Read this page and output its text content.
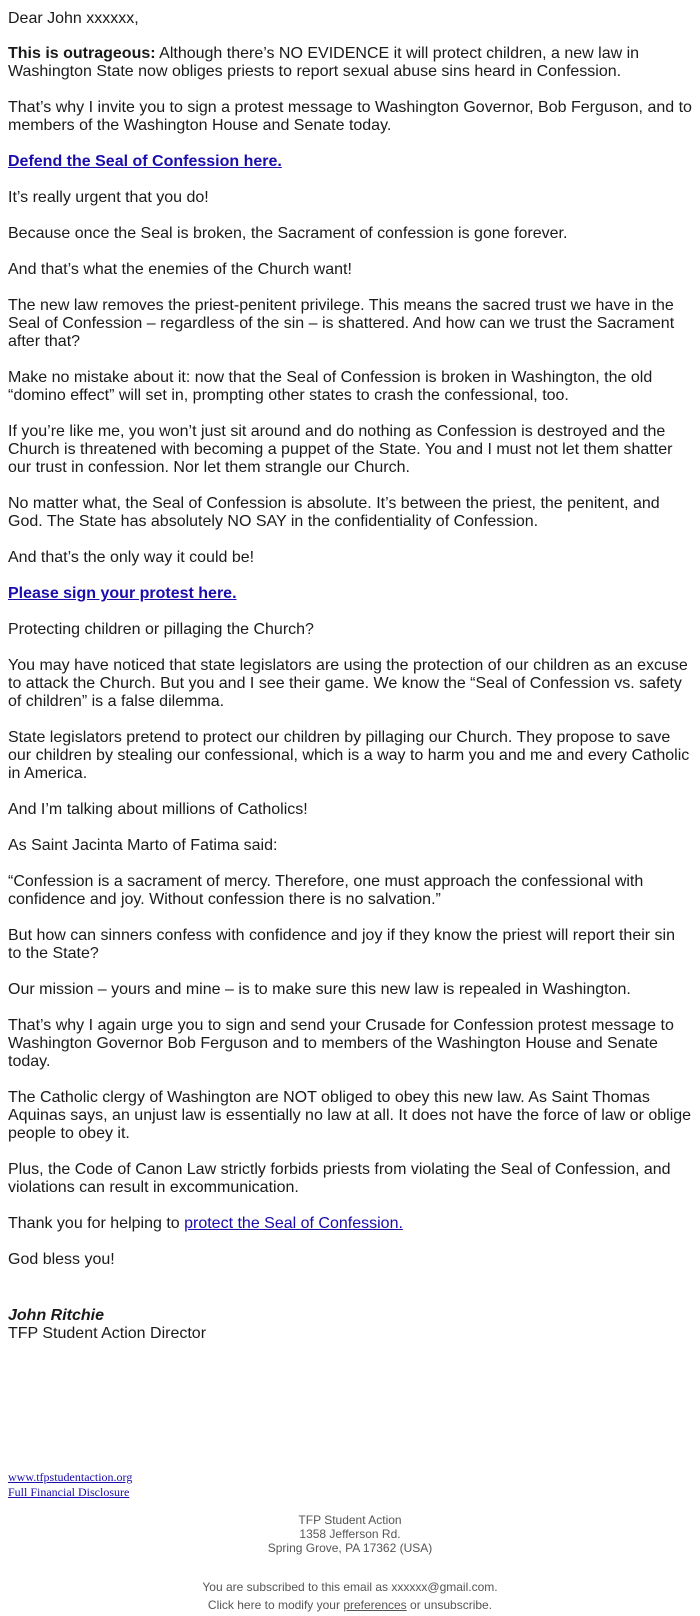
Dear John xxxxxx,

This is outrageous: Although there’s NO EVIDENCE it will protect children, a new law in Washington State now obliges priests to report sexual abuse sins heard in Confession.

That’s why I invite you to sign a protest message to Washington Governor, Bob Ferguson, and to members of the Washington House and Senate today.

Defend the Seal of Confession here.

It’s really urgent that you do!

Because once the Seal is broken, the Sacrament of confession is gone forever.

And that’s what the enemies of the Church want!

The new law removes the priest-penitent privilege. This means the sacred trust we have in the Seal of Confession – regardless of the sin – is shattered. And how can we trust the Sacrament after that?

Make no mistake about it: now that the Seal of Confession is broken in Washington, the old “domino effect” will set in, prompting other states to crash the confessional, too.

If you’re like me, you won’t just sit around and do nothing as Confession is destroyed and the Church is threatened with becoming a puppet of the State. You and I must not let them shatter our trust in confession. Nor let them strangle our Church.

No matter what, the Seal of Confession is absolute. It’s between the priest, the penitent, and God. The State has absolutely NO SAY in the confidentiality of Confession.

And that’s the only way it could be!

Please sign your protest here.

Protecting children or pillaging the Church?

You may have noticed that state legislators are using the protection of our children as an excuse to attack the Church. But you and I see their game. We know the “Seal of Confession vs. safety of children” is a false dilemma.

State legislators pretend to protect our children by pillaging our Church. They propose to save our children by stealing our confessional, which is a way to harm you and me and every Catholic in America.

And I’m talking about millions of Catholics!

As Saint Jacinta Marto of Fatima said:

“Confession is a sacrament of mercy. Therefore, one must approach the confessional with confidence and joy. Without confession there is no salvation.”

But how can sinners confess with confidence and joy if they know the priest will report their sin to the State?

Our mission – yours and mine – is to make sure this new law is repealed in Washington.

That’s why I again urge you to sign and send your Crusade for Confession protest message to Washington Governor Bob Ferguson and to members of the Washington House and Senate today.

The Catholic clergy of Washington are NOT obliged to obey this new law. As Saint Thomas Aquinas says, an unjust law is essentially no law at all. It does not have the force of law or oblige people to obey it.

Plus, the Code of Canon Law strictly forbids priests from violating the Seal of Confession, and violations can result in excommunication.

Thank you for helping to protect the Seal of Confession.

God bless you!

John Ritchie
TFP Student Action Director
www.tfpstudentaction.org
Full Financial Disclosure
TFP Student Action
1358 Jefferson Rd.
Spring Grove, PA 17362 (USA)
You are subscribed to this email as xxxxxx@gmail.com.
Click here to modify your preferences or unsubscribe.
